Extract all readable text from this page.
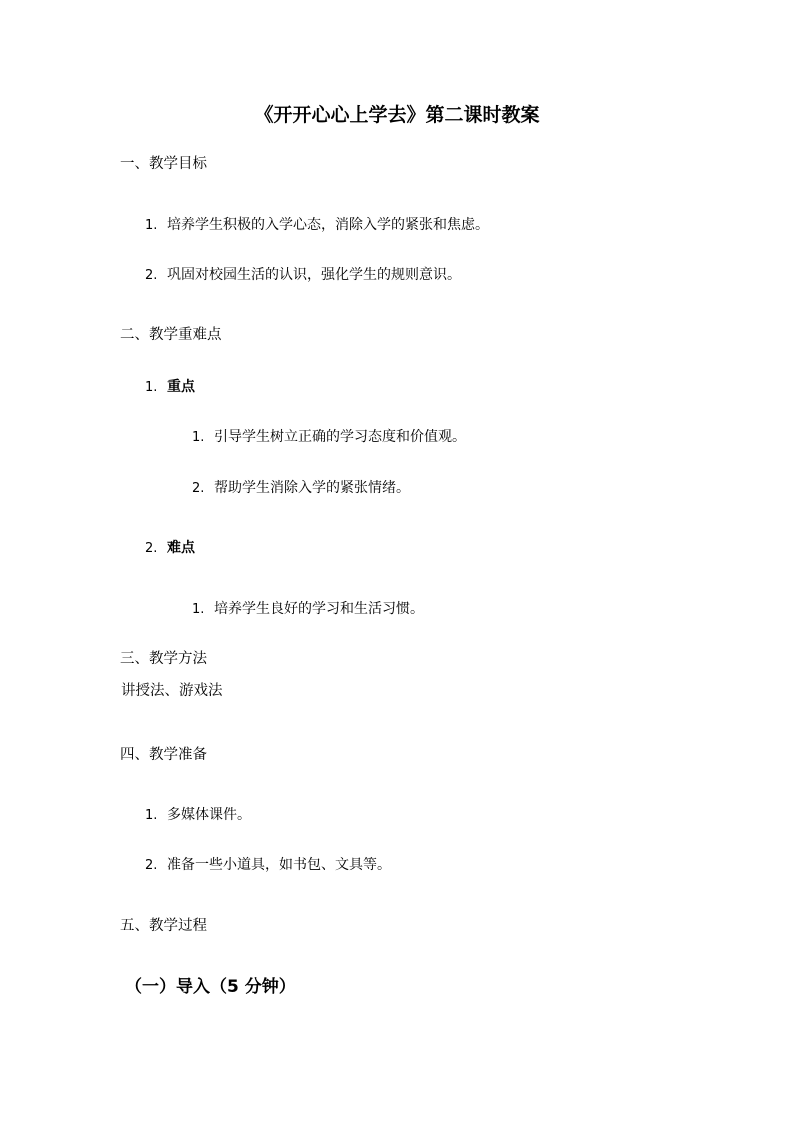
《开开心心上学去》第二课时教案
一、教学目标
1. 培养学生积极的入学心态，消除入学的紧张和焦虑。
2. 巩固对校园生活的认识，强化学生的规则意识。
二、教学重难点
1. 重点
1. 引导学生树立正确的学习态度和价值观。
2. 帮助学生消除入学的紧张情绪。
2. 难点
1. 培养学生良好的学习和生活习惯。
三、教学方法
讲授法、游戏法
四、教学准备
1. 多媒体课件。
2. 准备一些小道具，如书包、文具等。
五、教学过程
（一）导入（5 分钟）
